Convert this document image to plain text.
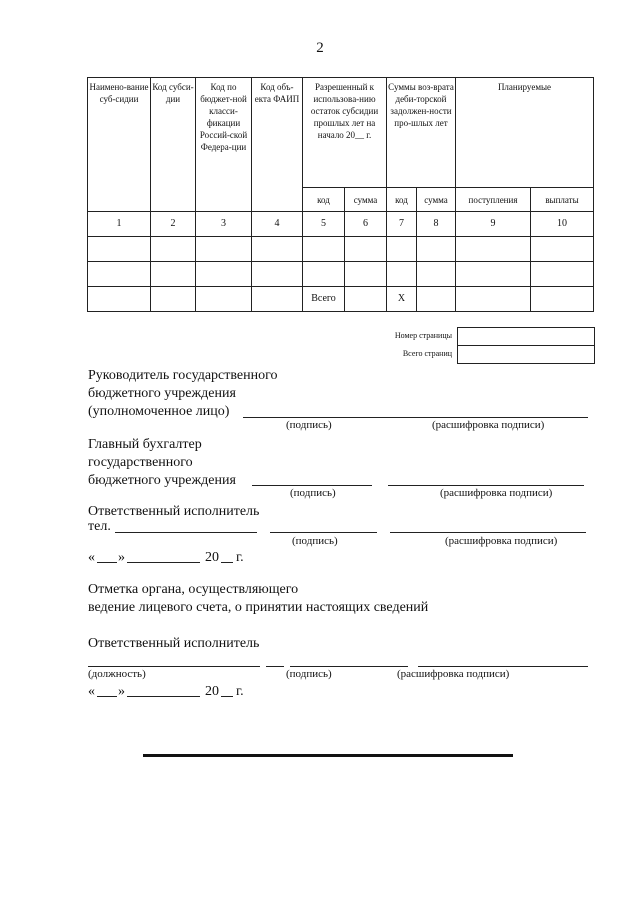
2
Наимено-вание суб-сидии	Код субси-дии	Код по бюджет-ной класси-фикации Россий-ской Федера-ции	Код объ-екта ФАИП	Разрешенный к использова-нию остаток субсидии прошлых лет на начало 20__ г.		Суммы воз-врата деби-торской задолжен-ности про-шлых лет		Планируемые	
				код	сумма	код	сумма	поступления	выплаты
1	2	3	4	5	6	7	8	9	10

				Всего		X			
Номер страницы
Всего страниц

Руководитель государственного
бюджетного учреждения
(уполномоченное лицо)
(подпись)	(расшифровка подписи)
Главный бухгалтер
государственного
бюджетного учреждения
(подпись)	(расшифровка подписи)
Ответственный исполнитель
тел.
(подпись)	(расшифровка подписи)
« »	20 г.
Отметка органа, осуществляющего
ведение лицевого счета, о принятии настоящих сведений
Ответственный исполнитель
(должность)	(подпись)	(расшифровка подписи)
« »	20 г.
